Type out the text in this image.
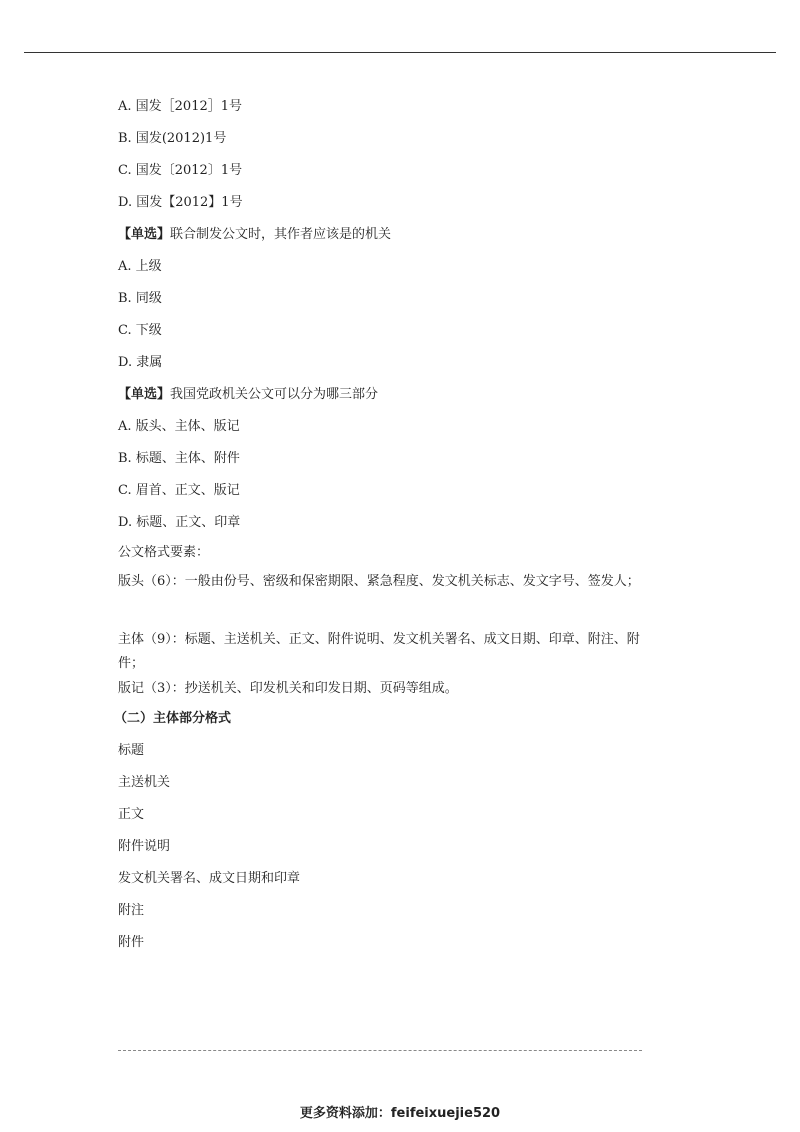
A. 国发［2012］1号
B. 国发(2012)1号
C. 国发〔2012〕1号
D. 国发【2012】1号
【单选】联合制发公文时，其作者应该是的机关
A. 上级
B. 同级
C. 下级
D. 隶属
【单选】我国党政机关公文可以分为哪三部分
A. 版头、主体、版记
B. 标题、主体、附件
C. 眉首、正文、版记
D. 标题、正文、印章
公文格式要素：
版头（6）：一般由份号、密级和保密期限、紧急程度、发文机关标志、发文字号、签发人；
主体（9）：标题、主送机关、正文、附件说明、发文机关署名、成文日期、印章、附注、附件；
版记（3）：抄送机关、印发机关和印发日期、页码等组成。
（二）主体部分格式
标题
主送机关
正文
附件说明
发文机关署名、成文日期和印章
附注
附件
更多资料添加：feifeixuejie520
